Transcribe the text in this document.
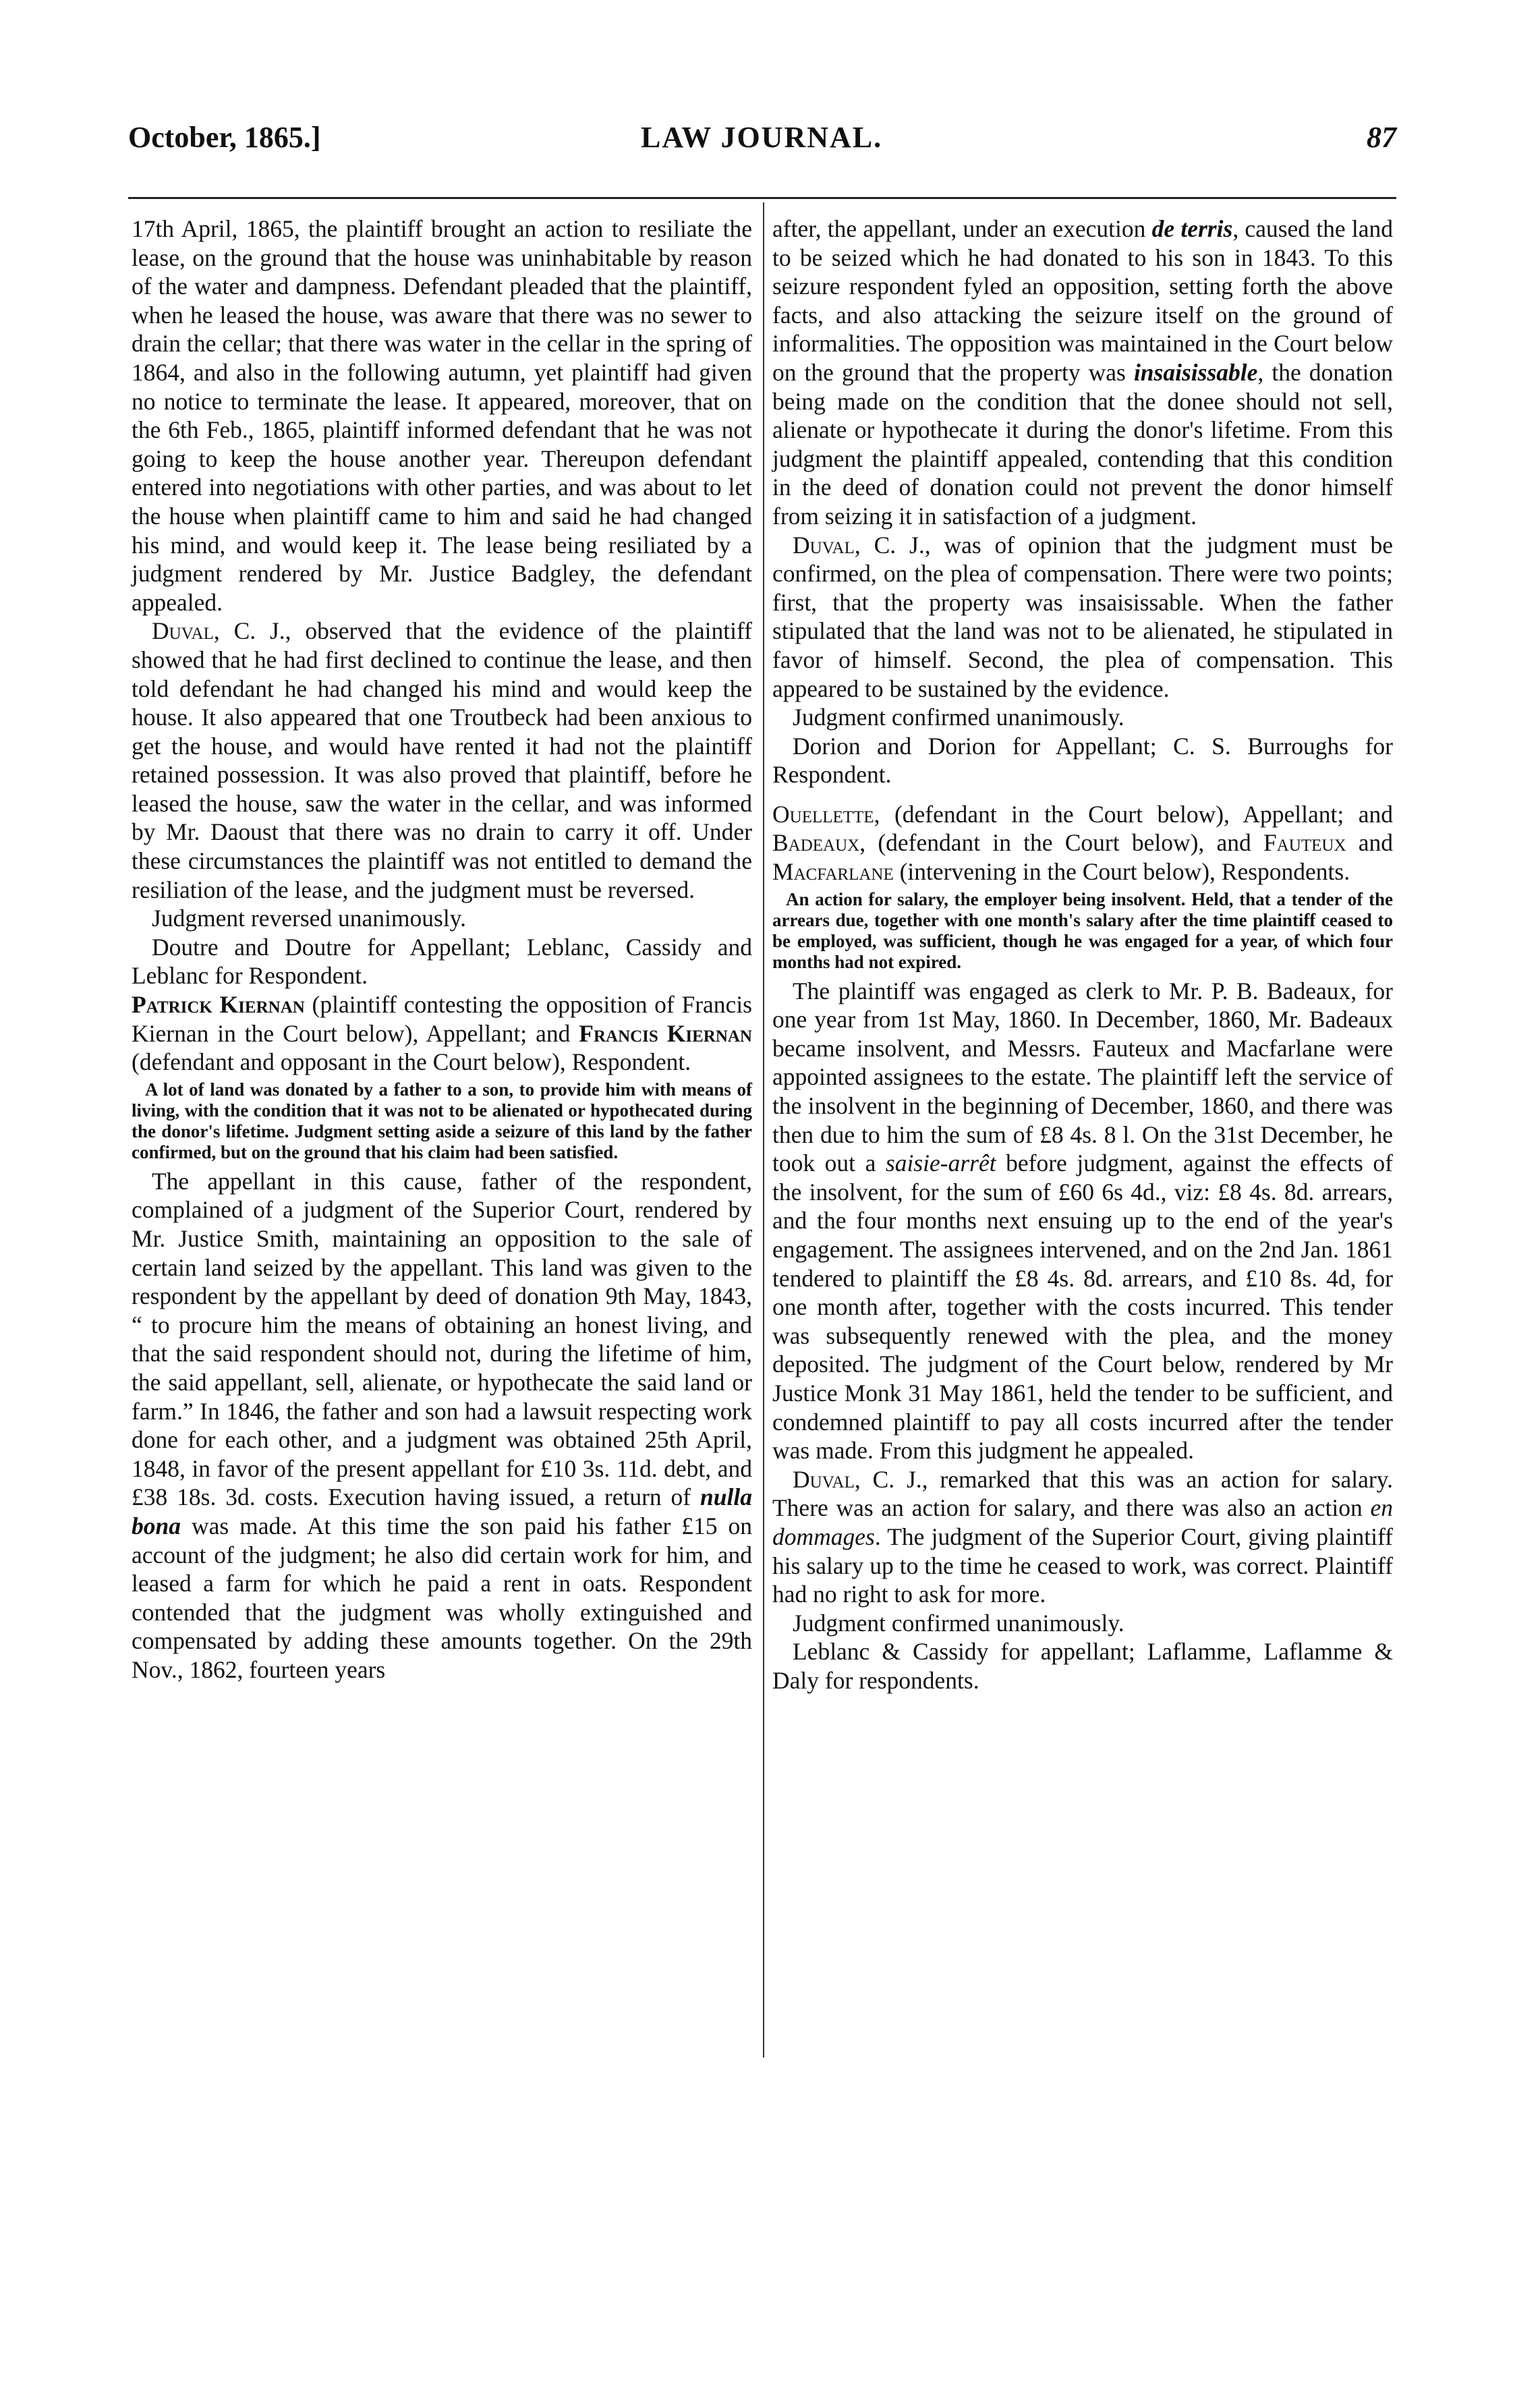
October, 1865.]	LAW JOURNAL.	87

17th April, 1865, the plaintiff brought an action to resiliate the lease, on the ground that the house was uninhabitable by reason of the water and dampness. Defendant pleaded that the plaintiff, when he leased the house, was aware that there was no sewer to drain the cellar; that there was water in the cellar in the spring of 1864, and also in the following autumn, yet plaintiff had given no notice to terminate the lease. It appeared, moreover, that on the 6th Feb., 1865, plaintiff informed defendant that he was not going to keep the house another year. Thereupon defendant entered into negotiations with other parties, and was about to let the house when plaintiff came to him and said he had changed his mind, and would keep it. The lease being resiliated by a judgment rendered by Mr. Justice Badgley, the defendant appealed.

Duval, C. J., observed that the evidence of the plaintiff showed that he had first declined to continue the lease, and then told defendant he had changed his mind and would keep the house. It also appeared that one Troutbeck had been anxious to get the house, and would have rented it had not the plaintiff retained possession. It was also proved that plaintiff, before he leased the house, saw the water in the cellar, and was informed by Mr. Daoust that there was no drain to carry it off. Under these circumstances the plaintiff was not entitled to demand the resiliation of the lease, and the judgment must be reversed.

Judgment reversed unanimously.

Doutre and Doutre for Appellant; Leblanc, Cassidy and Leblanc for Respondent.

Patrick Kiernan (plaintiff contesting the opposition of Francis Kiernan in the Court below), Appellant; and Francis Kiernan (defendant and opposant in the Court below), Respondent.

A lot of land was donated by a father to a son, to provide him with means of living, with the condition that it was not to be alienated or hypothecated during the donor's lifetime. Judgment setting aside a seizure of this land by the father confirmed, but on the ground that his claim had been satisfied.

The appellant in this cause, father of the respondent, complained of a judgment of the Superior Court, rendered by Mr. Justice Smith, maintaining an opposition to the sale of certain land seized by the appellant. This land was given to the respondent by the appellant by deed of donation 9th May, 1843, “ to procure him the means of obtaining an honest living, and that the said respondent should not, during the lifetime of him, the said appellant, sell, alienate, or hypothecate the said land or farm.” In 1846, the father and son had a lawsuit respecting work done for each other, and a judgment was obtained 25th April, 1848, in favor of the present appellant for £10 3s. 11d. debt, and £38 18s. 3d. costs. Execution having issued, a return of nulla bona was made. At this time the son paid his father £15 on account of the judgment; he also did certain work for him, and leased a farm for which he paid a rent in oats. Respondent contended that the judgment was wholly extinguished and compensated by adding these amounts together. On the 29th Nov., 1862, fourteen years

after, the appellant, under an execution de terris, caused the land to be seized which he had donated to his son in 1843. To this seizure respondent fyled an opposition, setting forth the above facts, and also attacking the seizure itself on the ground of informalities. The opposition was maintained in the Court below on the ground that the property was insaisissable, the donation being made on the condition that the donee should not sell, alienate or hypothecate it during the donor's lifetime. From this judgment the plaintiff appealed, contending that this condition in the deed of donation could not prevent the donor himself from seizing it in satisfaction of a judgment.

Duval, C. J., was of opinion that the judgment must be confirmed, on the plea of compensation. There were two points; first, that the property was insaisissable. When the father stipulated that the land was not to be alienated, he stipulated in favor of himself. Second, the plea of compensation. This appeared to be sustained by the evidence.

Judgment confirmed unanimously.

Dorion and Dorion for Appellant; C. S. Burroughs for Respondent.

Ouellette, (defendant in the Court below), Appellant; and Badeaux, (defendant in the Court below), and Fauteux and Macfarlane (intervening in the Court below), Respondents.

An action for salary, the employer being insolvent. Held, that a tender of the arrears due, together with one month's salary after the time plaintiff ceased to be employed, was sufficient, though he was engaged for a year, of which four months had not expired.

The plaintiff was engaged as clerk to Mr. P. B. Badeaux, for one year from 1st May, 1860. In December, 1860, Mr. Badeaux became insolvent, and Messrs. Fauteux and Macfarlane were appointed assignees to the estate. The plaintiff left the service of the insolvent in the beginning of December, 1860, and there was then due to him the sum of £8 4s. 8 l. On the 31st December, he took out a saisie-arrêt before judgment, against the effects of the insolvent, for the sum of £60 6s 4d., viz: £8 4s. 8d. arrears, and the four months next ensuing up to the end of the year's engagement. The assignees intervened, and on the 2nd Jan. 1861 tendered to plaintiff the £8 4s. 8d. arrears, and £10 8s. 4d, for one month after, together with the costs incurred. This tender was subsequently renewed with the plea, and the money deposited. The judgment of the Court below, rendered by Mr Justice Monk 31 May 1861, held the tender to be sufficient, and condemned plaintiff to pay all costs incurred after the tender was made. From this judgment he appealed.

Duval, C. J., remarked that this was an action for salary. There was an action for salary, and there was also an action en dommages. The judgment of the Superior Court, giving plaintiff his salary up to the time he ceased to work, was correct. Plaintiff had no right to ask for more.

Judgment confirmed unanimously.

Leblanc & Cassidy for appellant; Laflamme, Laflamme & Daly for respondents.
